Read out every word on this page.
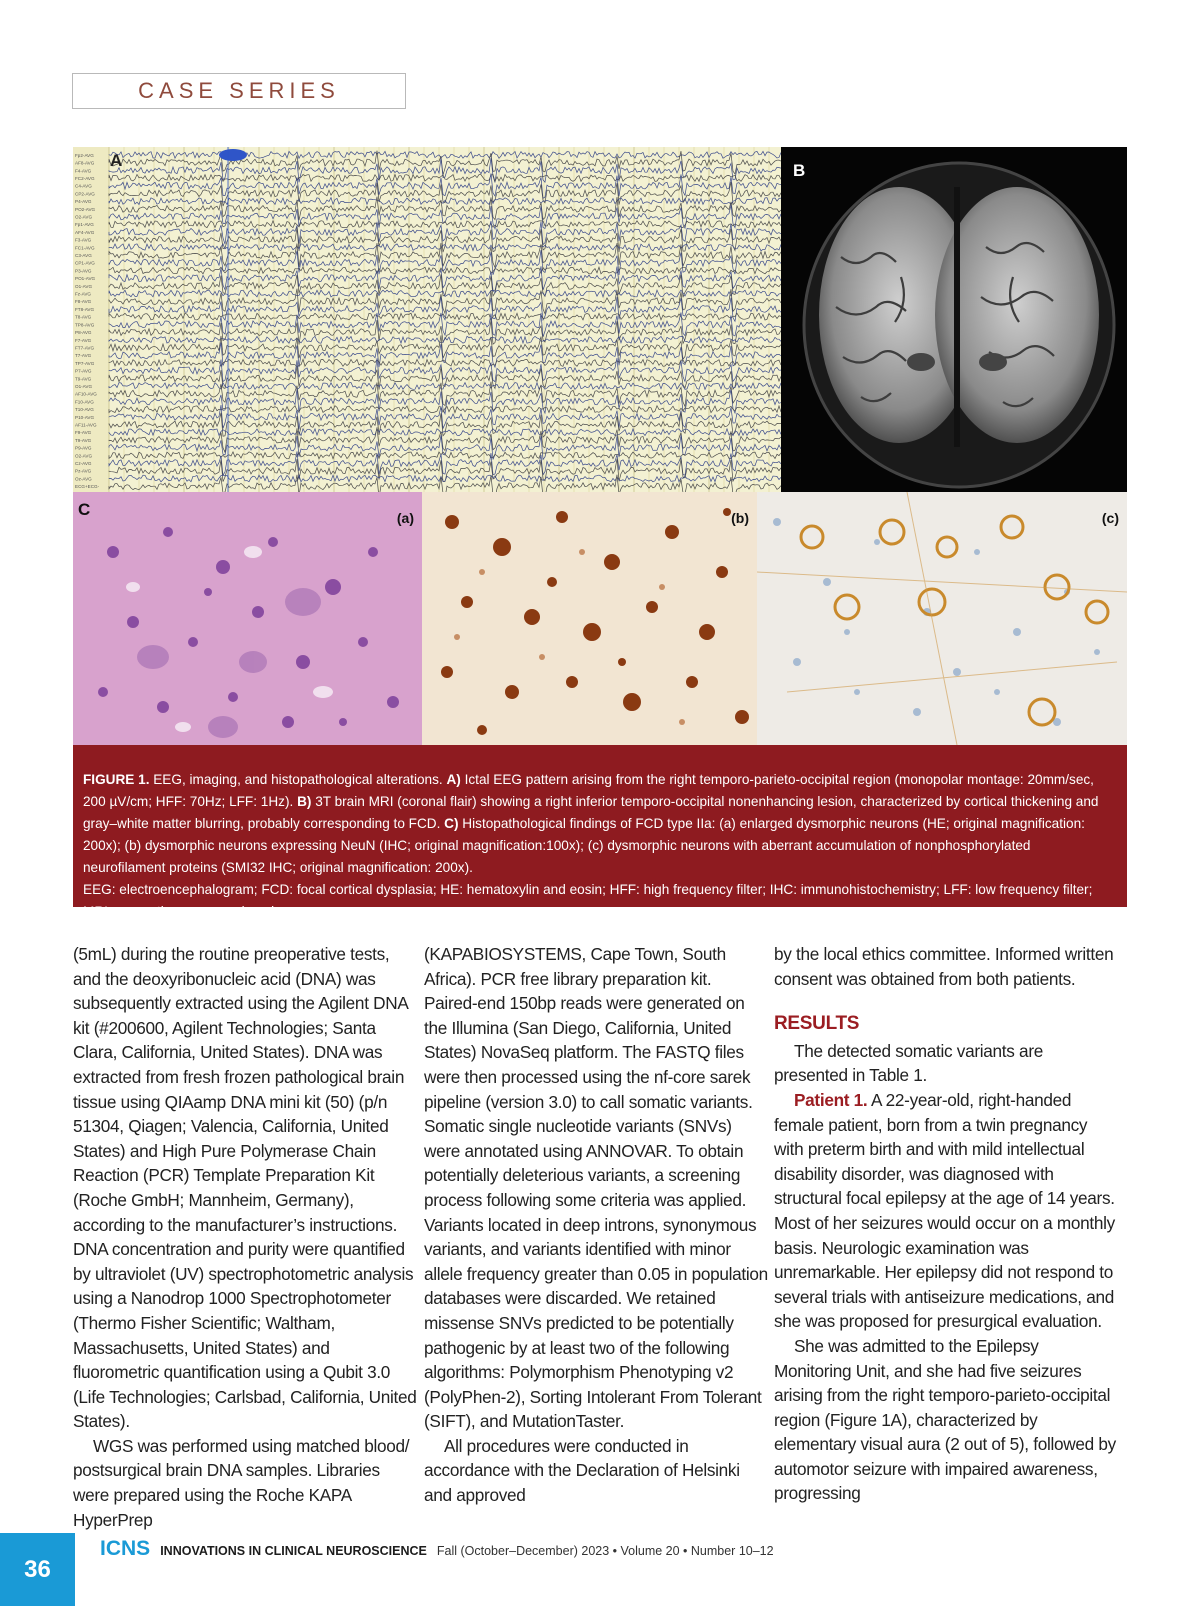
CASE SERIES
Fp2-AVG
AF8-AVG
F4-AVG
FC2-AVG
C4-AVG
CP2-AVG
P4-AVG
PO2-AVG
O2-AVG
Fp1-AVG
AF4-AVG
F3-AVG
FC1-AVG
C3-AVG
CP1-AVG
P3-AVG
PO1-AVG
O1-AVG
Fz-AVG
F8-AVG
FT8-AVG
T8-AVG
TP8-AVG
P8-AVG
F7-AVG
FT7-AVG
T7-AVG
TP7-AVG
P7-AVG
T9-AVG
O1-AVG
AF10-AVG
F10-AVG
T10-AVG
P10-AVG
AF11-AVG
F9-AVG
T9-AVG
P9-AVG
O2-AVG
Cz-AVG
Pz-AVG
Oz-AVG
ECG+ECG-
A
B
C	(a)	(b)	(c)

FIGURE 1. EEG, imaging, and histopathological alterations. A) Ictal EEG pattern arising from the right temporo-parieto-occipital region (monopolar montage: 20mm/sec, 200 µV/cm; HFF: 70Hz; LFF: 1Hz). B) 3T brain MRI (coronal flair) showing a right inferior temporo-occipital nonenhancing lesion, characterized by cortical thickening and gray–white matter blurring, probably corresponding to FCD. C) Histopathological findings of FCD type IIa: (a) enlarged dysmorphic neurons (HE; original magnification: 200x); (b) dysmorphic neurons expressing NeuN (IHC; original magnification:100x); (c) dysmorphic neurons with aberrant accumulation of nonphosphorylated neurofilament proteins (SMI32 IHC; original magnification: 200x).

EEG: electroencephalogram; FCD: focal cortical dysplasia; HE: hematoxylin and eosin; HFF: high frequency filter; IHC: immunohistochemistry; LFF: low frequency filter; MRI: magnetic resonance imaging

(5mL) during the routine preoperative tests, and the deoxyribonucleic acid (DNA) was subsequently extracted using the Agilent DNA kit (#200600, Agilent Technologies; Santa Clara, California, United States). DNA was extracted from fresh frozen pathological brain tissue using QIAamp DNA mini kit (50) (p/n 51304, Qiagen; Valencia, California, United States) and High Pure Polymerase Chain Reaction (PCR) Template Preparation Kit (Roche GmbH; Mannheim, Germany), according to the manufacturer’s instructions. DNA concentration and purity were quantified by ultraviolet (UV) spectrophotometric analysis using a Nanodrop 1000 Spectrophotometer (Thermo Fisher Scientific; Waltham, Massachusetts, United States) and fluorometric quantification using a Qubit 3.0 (Life Technologies; Carlsbad, California, United States).

WGS was performed using matched blood/ postsurgical brain DNA samples. Libraries were prepared using the Roche KAPA HyperPrep

(KAPABIOSYSTEMS, Cape Town, South Africa). PCR free library preparation kit. Paired-end 150bp reads were generated on the Illumina (San Diego, California, United States) NovaSeq platform. The FASTQ files were then processed using the nf-core sarek pipeline (version 3.0) to call somatic variants. Somatic single nucleotide variants (SNVs) were annotated using ANNOVAR. To obtain potentially deleterious variants, a screening process following some criteria was applied. Variants located in deep introns, synonymous variants, and variants identified with minor allele frequency greater than 0.05 in population databases were discarded. We retained missense SNVs predicted to be potentially pathogenic by at least two of the following algorithms: Polymorphism Phenotyping v2 (PolyPhen-2), Sorting Intolerant From Tolerant (SIFT), and MutationTaster.

All procedures were conducted in accordance with the Declaration of Helsinki and approved

by the local ethics committee. Informed written consent was obtained from both patients.

RESULTS

The detected somatic variants are presented in Table 1.

Patient 1. A 22-year-old, right-handed female patient, born from a twin pregnancy with preterm birth and with mild intellectual disability disorder, was diagnosed with structural focal epilepsy at the age of 14 years. Most of her seizures would occur on a monthly basis. Neurologic examination was unremarkable. Her epilepsy did not respond to several trials with antiseizure medications, and she was proposed for presurgical evaluation.

She was admitted to the Epilepsy Monitoring Unit, and she had five seizures arising from the right temporo-parieto-occipital region (Figure 1A), characterized by elementary visual aura (2 out of 5), followed by automotor seizure with impaired awareness, progressing

36
ICNS INNOVATIONS IN CLINICAL NEUROSCIENCE Fall (October–December) 2023 • Volume 20 • Number 10–12
